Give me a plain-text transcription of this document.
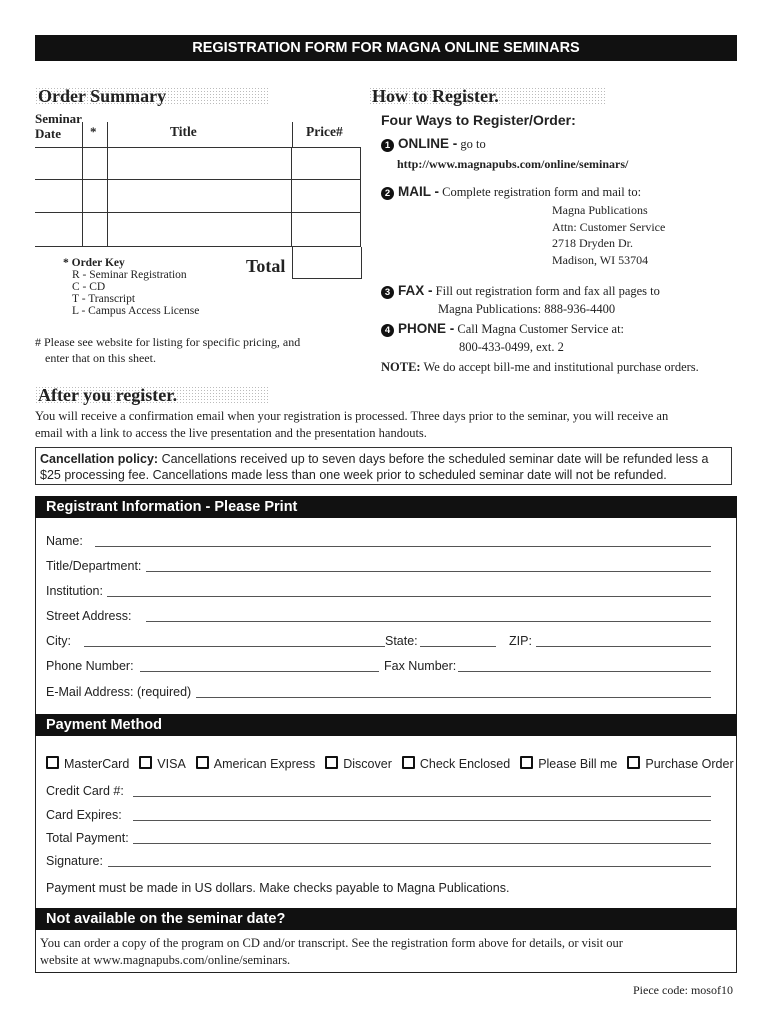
REGISTRATION FORM FOR MAGNA ONLINE SEMINARS
Order Summary
Seminar
Date	*	Title	Price#

Total
* Order Key
R - Seminar Registration
C - CD
T - Transcript
L - Campus Access License
# Please see website for listing for specific pricing, and
enter that on this sheet.
How to Register.
Four Ways to Register/Order:
1 ONLINE - go to
http://www.magnapubs.com/online/seminars/
2 MAIL - Complete registration form and mail to:
Magna Publications
Attn: Customer Service
2718 Dryden Dr.
Madison, WI 53704
3 FAX - Fill out registration form and fax all pages to
Magna Publications: 888-936-4400
4 PHONE - Call Magna Customer Service at:
800-433-0499, ext. 2
NOTE: We do accept bill-me and institutional purchase orders.
After you register.
You will receive a confirmation email when your registration is processed. Three days prior to the seminar, you will receive an
email with a link to access the live presentation and the presentation handouts.
Cancellation policy: Cancellations received up to seven days before the scheduled seminar date will be refunded less a
$25 processing fee. Cancellations made less than one week prior to scheduled seminar date will not be refunded.
Registrant Information - Please Print
Name:
Title/Department:
Institution:
Street Address:
City:	State:	ZIP:
Phone Number:	Fax Number:
E-Mail Address: (required)
Payment Method
MasterCard VISA American Express Discover Check Enclosed Please Bill me Purchase Order
Credit Card #:
Card Expires:
Total Payment:
Signature:
Payment must be made in US dollars. Make checks payable to Magna Publications.
Not available on the seminar date?
You can order a copy of the program on CD and/or transcript. See the registration form above for details, or visit our
website at www.magnapubs.com/online/seminars.
Piece code: mosof10
